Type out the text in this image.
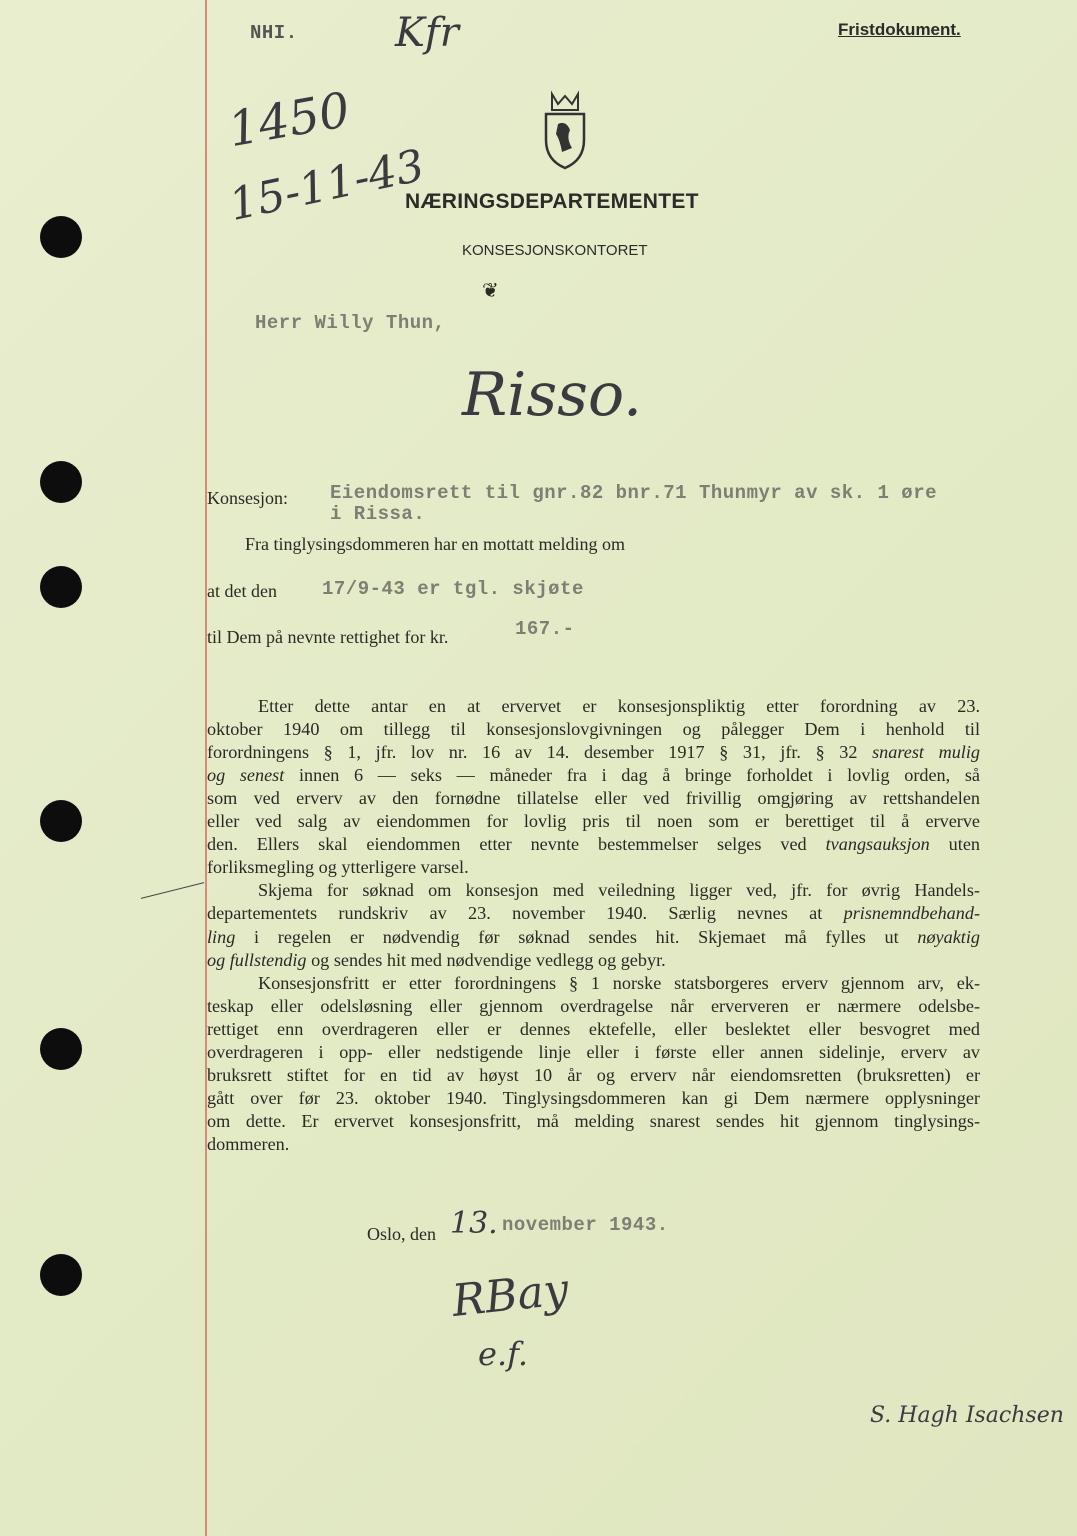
NHI. Kfr
1450
15-11-43
Fristdokument.
NÆRINGSDEPARTEMENTET
KONSESJONSKONTORET
❦
Herr Willy Thun,
Risso.
Konsesjon: Eiendomsrett til gnr.82 bnr.71 Thunmyr av sk. 1 øre
i Rissa.
Fra tinglysingsdommeren har en mottatt melding om
at det den 17/9-43 er tgl. skjøte
til Dem på nevnte rettighet for kr.	167.-
Etter dette antar en at ervervet er konsesjonspliktig etter forordning av 23.
oktober 1940 om tillegg til konsesjonslovgivningen og pålegger Dem i henhold til
forordningens § 1, jfr. lov nr. 16 av 14. desember 1917 § 31, jfr. § 32 snarest mulig
og senest innen 6 — seks — måneder fra i dag å bringe forholdet i lovlig orden, så
som ved erverv av den fornødne tillatelse eller ved frivillig omgjøring av rettshandelen
eller ved salg av eiendommen for lovlig pris til noen som er berettiget til å erverve
den. Ellers skal eiendommen etter nevnte bestemmelser selges ved tvangsauksjon uten
forliksmegling og ytterligere varsel.
Skjema for søknad om konsesjon med veiledning ligger ved, jfr. for øvrig Handels-
departementets rundskriv av 23. november 1940. Særlig nevnes at prisnemndbehand-
ling i regelen er nødvendig før søknad sendes hit. Skjemaet må fylles ut nøyaktig
og fullstendig og sendes hit med nødvendige vedlegg og gebyr.
Konsesjonsfritt er etter forordningens § 1 norske statsborgeres erverv gjennom arv, ek-
teskap eller odelsløsning eller gjennom overdragelse når erververen er nærmere odelsbe-
rettiget enn overdrageren eller er dennes ektefelle, eller beslektet eller besvogret med
overdrageren i opp- eller nedstigende linje eller i første eller annen sidelinje, erverv av
bruksrett stiftet for en tid av høyst 10 år og erverv når eiendomsretten (bruksretten) er
gått over før 23. oktober 1940. Tinglysingsdommeren kan gi Dem nærmere opplysninger
om dette. Er ervervet konsesjonsfritt, må melding snarest sendes hit gjennom tinglysings-
dommeren.
Oslo, den 13. november 1943.
RBay
e.f.
S. Hagh Isachsen
